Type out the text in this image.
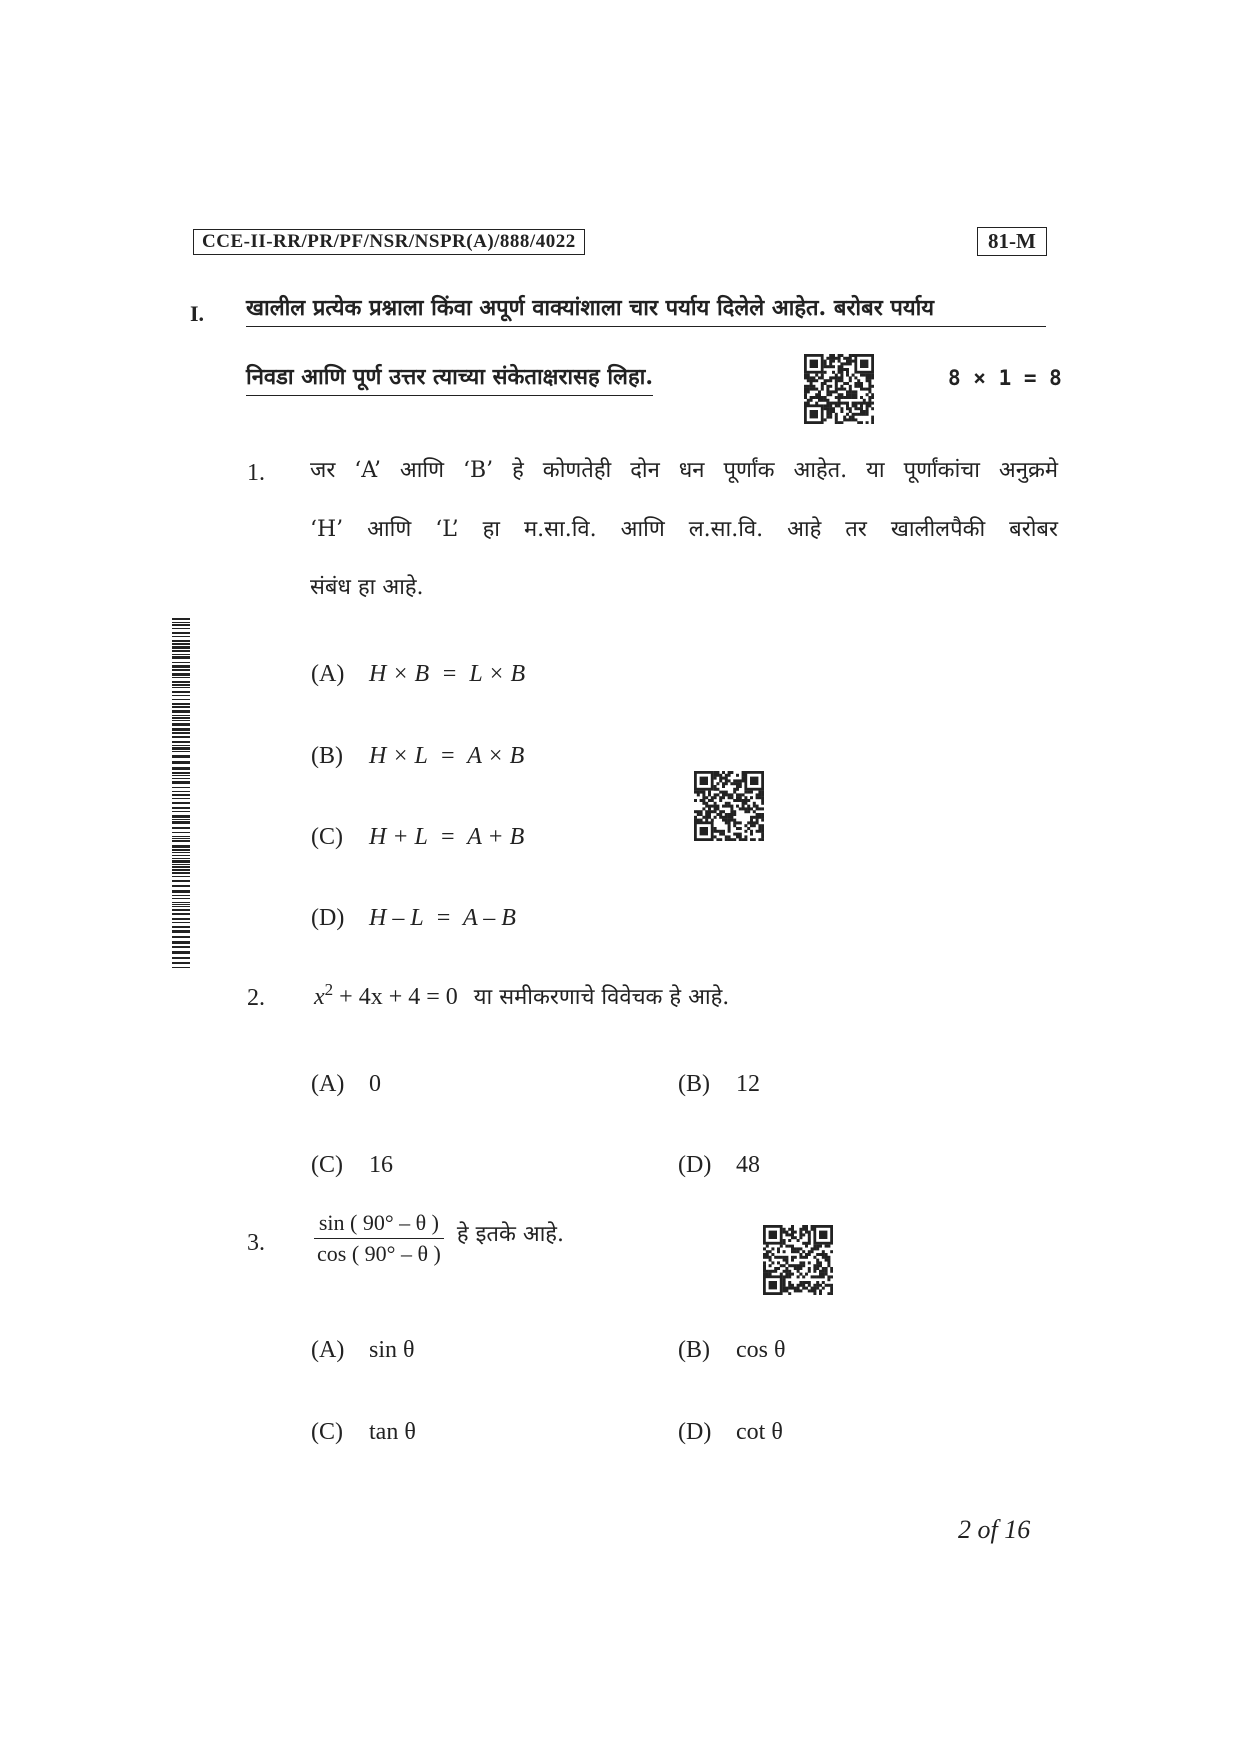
CCE-II-RR/PR/PF/NSR/NSPR(A)/888/4022	81-M
I. खालील प्रत्येक प्रश्नाला किंवा अपूर्ण वाक्यांशाला चार पर्याय दिलेले आहेत. बरोबर पर्याय
निवडा आणि पूर्ण उत्तर त्याच्या संकेताक्षरासह लिहा.	8 × 1 = 8
1. जर ‘A’ आणि ‘B’ हे कोणतेही दोन धन पूर्णांक आहेत. या पूर्णांकांचा अनुक्रमे
‘H’ आणि ‘L’ हा म.सा.वि. आणि ल.सा.वि. आहे तर खालीलपैकी बरोबर
संबंध हा आहे.
(A) H × B  =  L × B
(B) H × L  =  A × B
(C) H + L  =  A + B
(D) H – L  =  A – B
2. $x^2 + 4x + 4 = 0$ या समीकरणाचे विवेचक हे आहे.
(A) 0	(B) 12
(C) 16	(D) 48
3. $\frac{\sin ( 90^\circ - \theta )}{\cos ( 90^\circ - \theta )}$ हे इतके आहे.
(A) sin θ	(B) cos θ
(C) tan θ	(D) cot θ
2 of 16
